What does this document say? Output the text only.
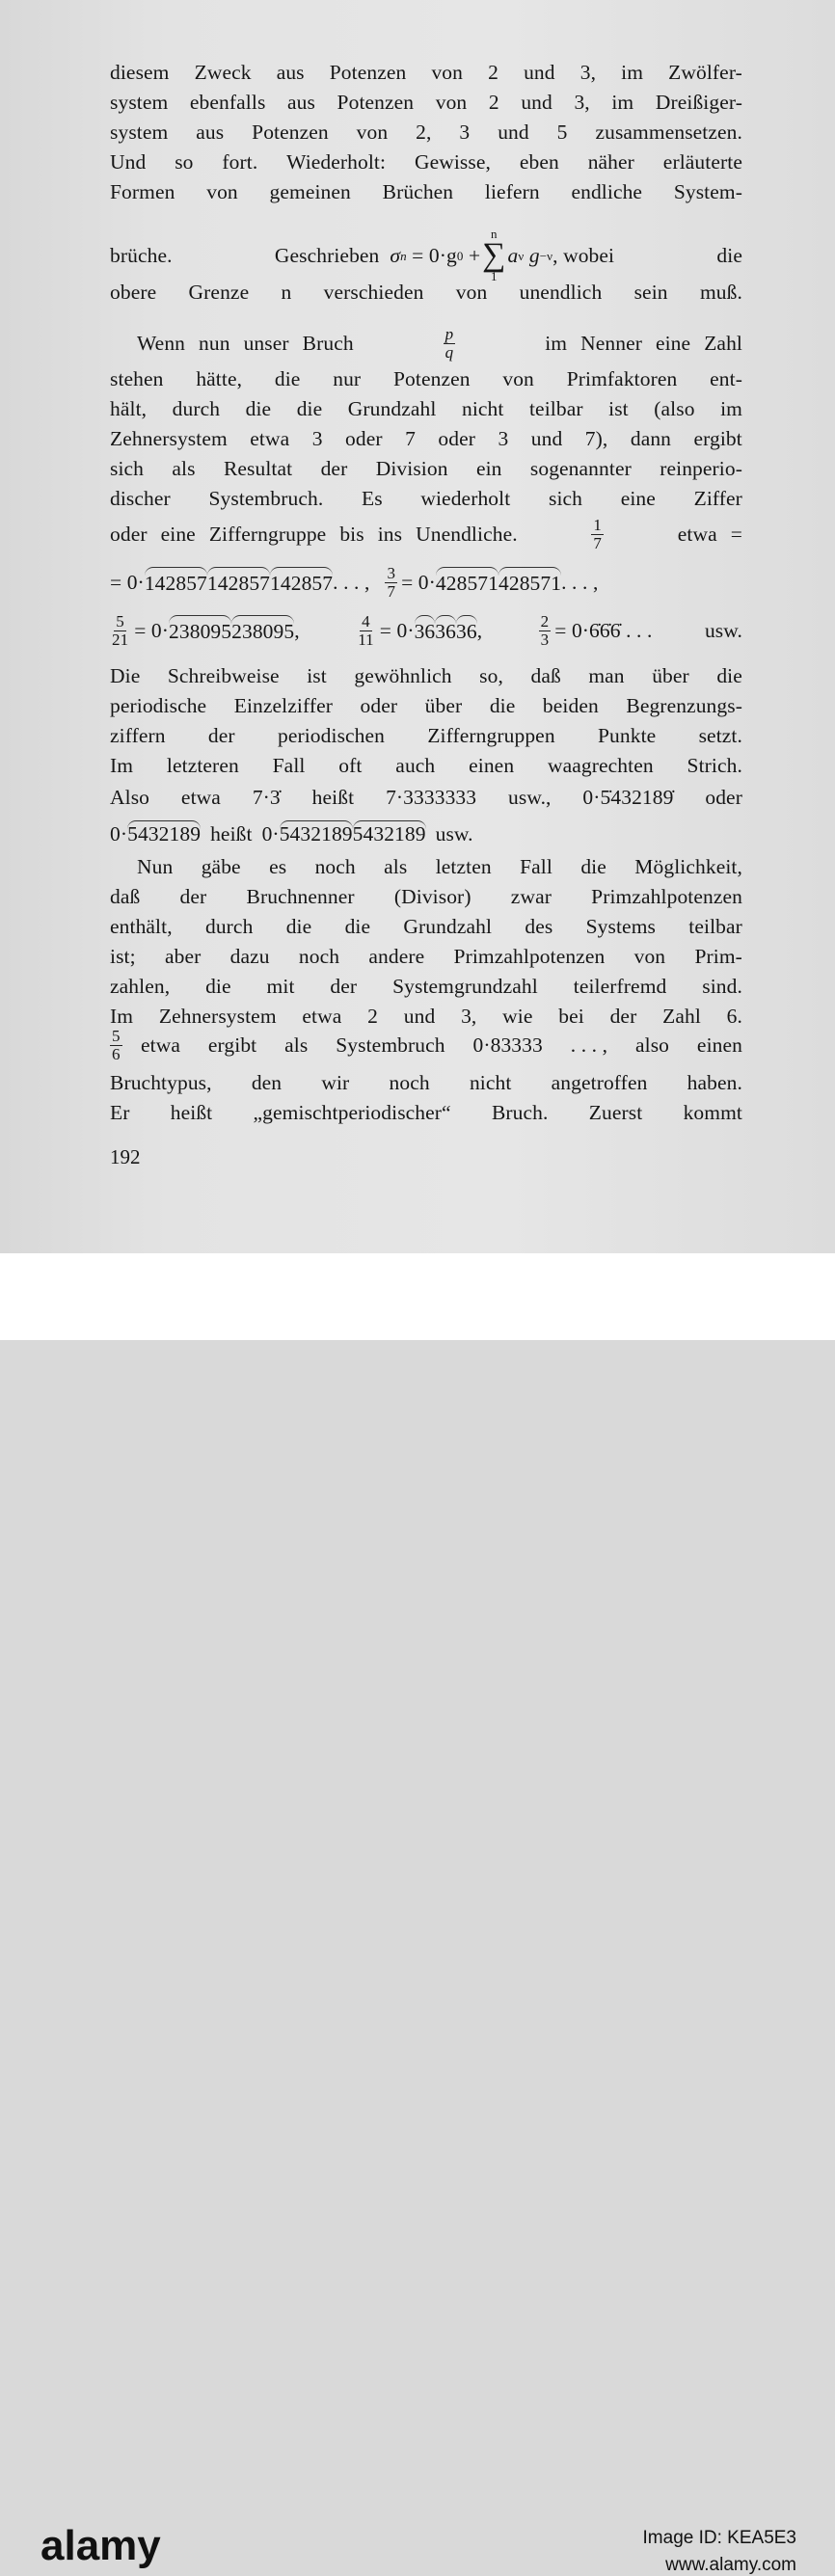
diesem Zweck aus Potenzen von 2 und 3, im Zwölfer-
system ebenfalls aus Potenzen von 2 und 3, im Dreißiger-
system aus Potenzen von 2, 3 und 5 zusammensetzen.
Und so fort. Wiederholt: Gewisse, eben näher erläuterte
Formen von gemeinen Brüchen liefern endliche System-
brüche.	Geschrieben
σ n
= 0·g 0
+
n
∑
1
a ν
g −ν , wobei	die
obere Grenze n verschieden von unendlich sein muß.
Wenn nun unser Bruch	$\frac{p}{q}$	im Nenner eine Zahl
stehen hätte, die nur Potenzen von Primfaktoren ent-
hält, durch die die Grundzahl nicht teilbar ist (also im
Zehnersystem etwa 3 oder 7 oder 3 und 7), dann ergibt
sich als Resultat der Division ein sogenannter reinperio-
discher Systembruch. Es wiederholt sich eine Ziffer
oder eine Zifferngruppe bis ins Unendliche.	$\frac{1}{7}$	etwa =
= 0· 142857 142857 142857 . . . , $\frac{3}{7} = 0\cdot 428571$ 428571 . . . ,
$\frac{5}{21} = 0\cdot 238095$ 238095 ,	$\frac{4}{11} = 0\cdot 36$ 36 36 ,	$\frac{2}{3}$ = 0·6̇6̇6̇ . . .	usw.
Die Schreibweise ist gewöhnlich so, daß man über die
periodische Einzelziffer oder über die beiden Begrenzungs-
ziffern der periodischen Zifferngruppen Punkte setzt.
Im letzteren Fall oft auch einen waagrechten Strich.
Also etwa 7·3̇ heißt 7·3333333 usw., 0·5̇432189̇ oder
0·5432189 heißt 0·54321895432189 usw.
Nun gäbe es noch als letzten Fall die Möglichkeit,
daß der Bruchnenner (Divisor) zwar Primzahlpotenzen
enthält, durch die die Grundzahl des Systems teilbar
ist; aber dazu noch andere Primzahlpotenzen von Prim-
zahlen, die mit der Systemgrundzahl teilerfremd sind.
Im Zehnersystem etwa 2 und 3, wie bei der Zahl 6.
$\frac{5}{6}$ etwa ergibt als Systembruch 0·83333 . . . , also einen
Bruchtypus, den wir noch nicht angetroffen haben.
Er heißt „gemischtperiodischer“ Bruch. Zuerst kommt
192
alamy	Image ID: KEA5E3
www.alamy.com
